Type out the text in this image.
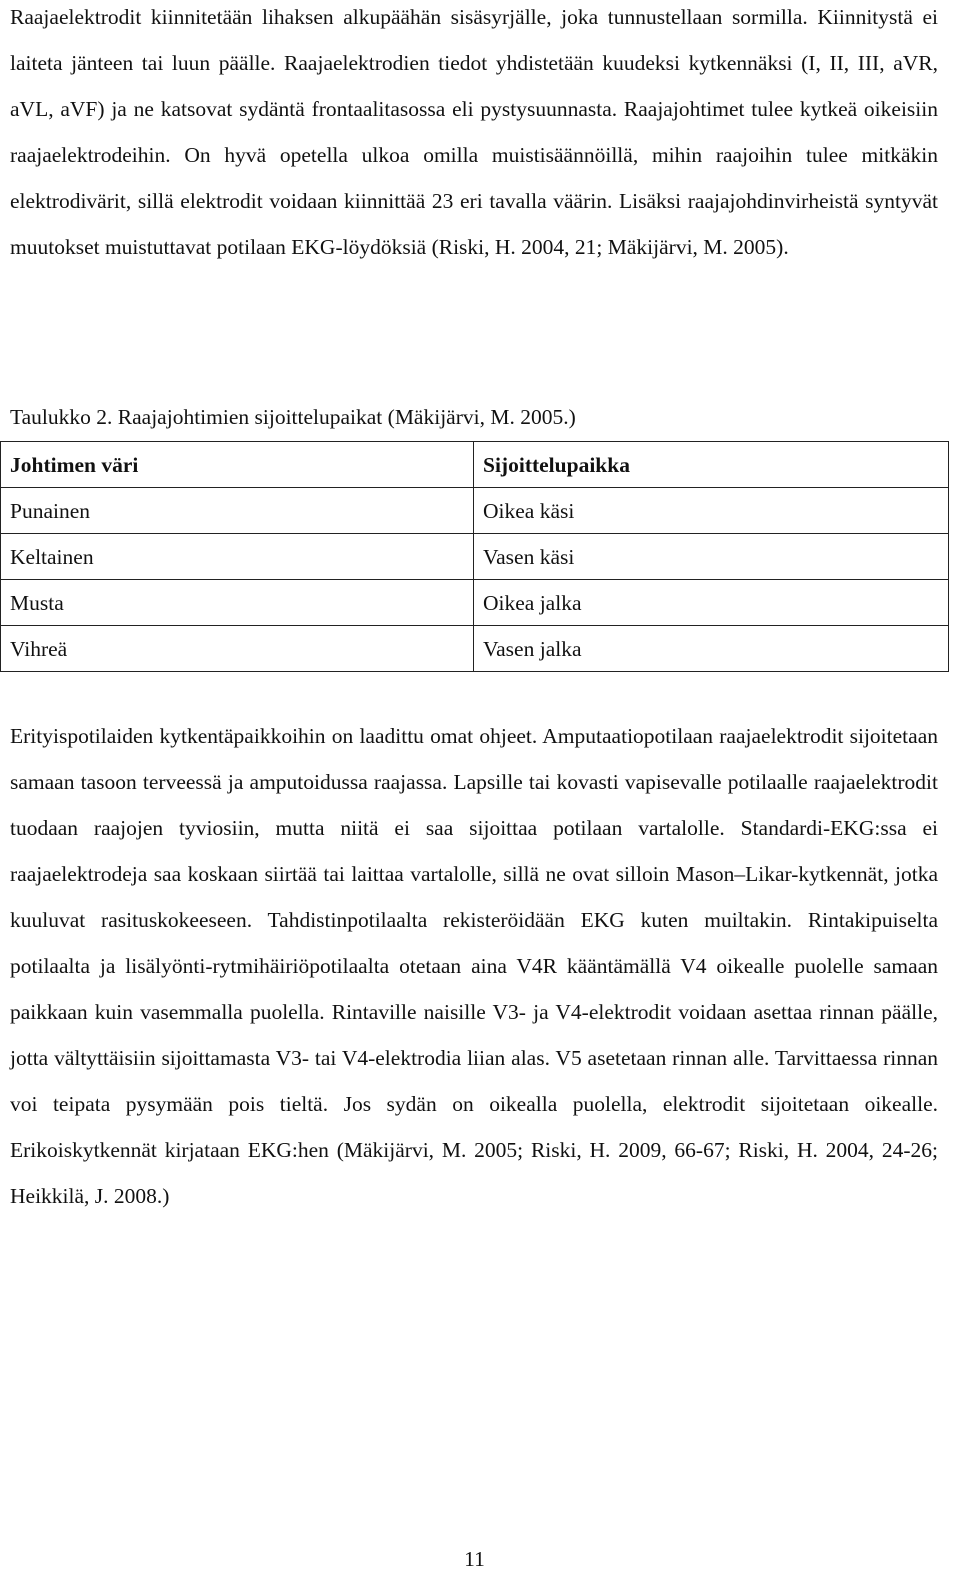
Raajaelektrodit kiinnitetään lihaksen alkupäähän sisäsyrjälle, joka tunnustellaan sormilla. Kiinnitystä ei laiteta jänteen tai luun päälle. Raajaelektrodien tiedot yhdistetään kuudeksi kytkennäksi (I, II, III, aVR, aVL, aVF) ja ne katsovat sydäntä frontaalitasossa eli pystysuunnasta. Raajajohtimet tulee kytkeä oikeisiin raajaelektrodeihin. On hyvä opetella ulkoa omilla muistisäännöillä, mihin raajoihin tulee mitkäkin elektrodivärit, sillä elektrodit voidaan kiinnittää 23 eri tavalla väärin. Lisäksi raajajohdinvirheistä syntyvät muutokset muistuttavat potilaan EKG-löydöksiä (Riski, H. 2004, 21; Mäkijärvi, M. 2005).

Taulukko 2. Raajajohtimien sijoittelupaikat (Mäkijärvi, M. 2005.)

Johtimen väri	Sijoittelupaikka
Punainen	Oikea käsi
Keltainen	Vasen käsi
Musta	Oikea jalka
Vihreä	Vasen jalka

Erityispotilaiden kytkentäpaikkoihin on laadittu omat ohjeet. Amputaatiopotilaan raajaelektrodit sijoitetaan samaan tasoon terveessä ja amputoidussa raajassa. Lapsille tai kovasti vapisevalle potilaalle raajaelektrodit tuodaan raajojen tyviosiin, mutta niitä ei saa sijoittaa potilaan vartalolle. Standardi-EKG:ssa ei raajaelektrodeja saa koskaan siirtää tai laittaa vartalolle, sillä ne ovat silloin Mason–Likar-kytkennät, jotka kuuluvat rasituskokeeseen. Tahdistinpotilaalta rekisteröidään EKG kuten muiltakin. Rintakipuiselta potilaalta ja lisälyönti-rytmihäiriöpotilaalta otetaan aina V4R kääntämällä V4 oikealle puolelle samaan paikkaan kuin vasemmalla puolella. Rintaville naisille V3- ja V4-elektrodit voidaan asettaa rinnan päälle, jotta vältyttäisiin sijoittamasta V3- tai V4-elektrodia liian alas. V5 asetetaan rinnan alle. Tarvittaessa rinnan voi teipata pysymään pois tieltä. Jos sydän on oikealla puolella, elektrodit sijoitetaan oikealle. Erikoiskytkennät kirjataan EKG:hen (Mäkijärvi, M. 2005; Riski, H. 2009, 66-67; Riski, H. 2004, 24-26; Heikkilä, J. 2008.)

11
